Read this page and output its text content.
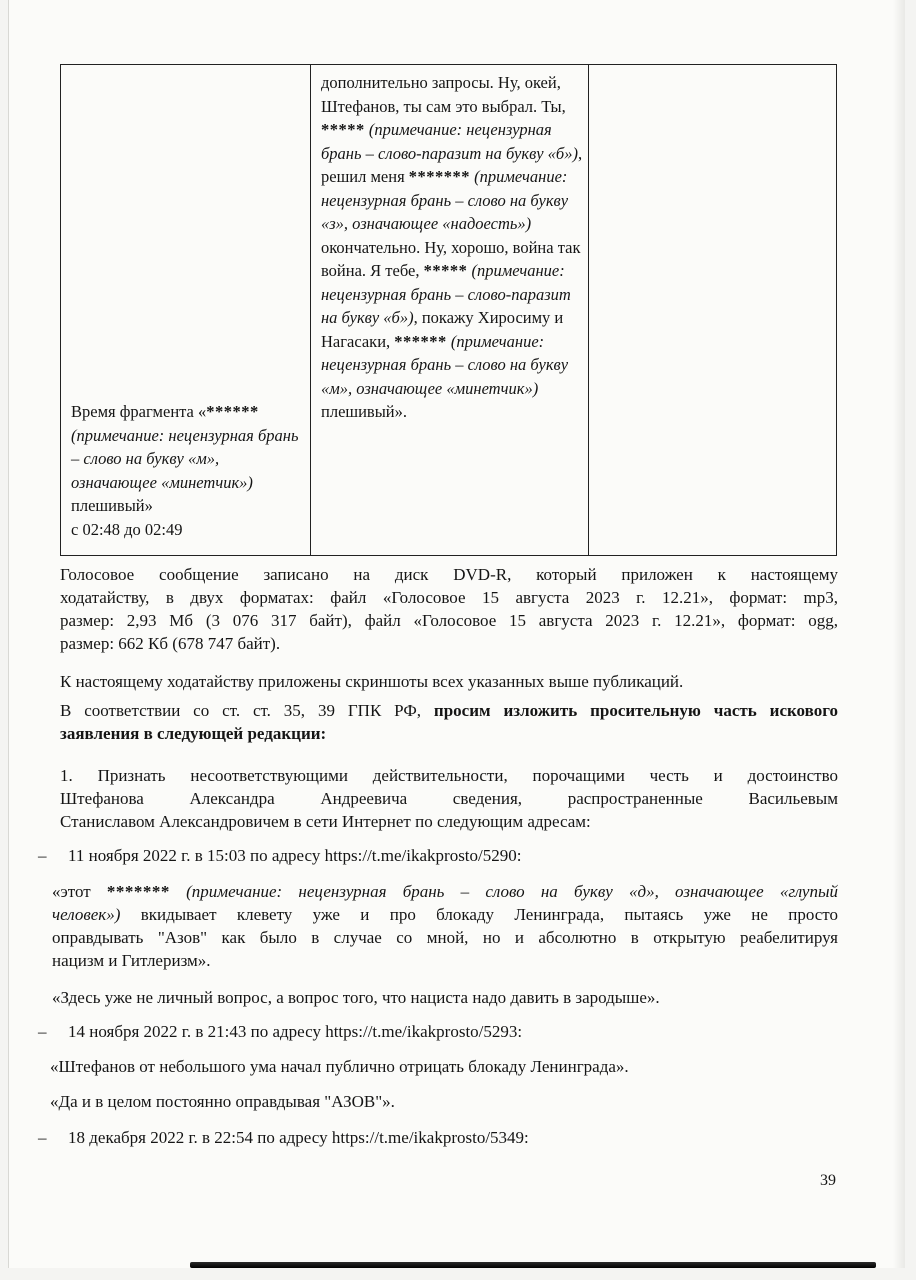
Время фрагмента «****** (примечание: нецензурная брань – слово на букву «м», означающее «минетчик») плешивый»
с 02:48 до 02:49
дополнительно запросы. Ну, окей, Штефанов, ты сам это выбрал. Ты, ***** (примечание: нецензурная брань – слово-паразит на букву «б»), решил меня ******* (примечание: нецензурная брань – слово на букву «з», означающее «надоесть») окончательно. Ну, хорошо, война так война. Я тебе, ***** (примечание: нецензурная брань – слово-паразит на букву «б»), покажу Хиросиму и Нагасаки, ****** (примечание: нецензурная брань – слово на букву «м», означающее «минетчик») плешивый».
Голосовое сообщение записано на диск DVD-R, который приложен к настоящему
ходатайству, в двух форматах: файл «Голосовое 15 августа 2023 г. 12.21», формат: mp3,
размер: 2,93 Мб (3 076 317 байт), файл «Голосовое 15 августа 2023 г. 12.21», формат: ogg,
размер: 662 Кб (678 747 байт).
К настоящему ходатайству приложены скриншоты всех указанных выше публикаций.
В соответствии со ст. ст. 35, 39 ГПК РФ, просим изложить просительную часть искового
заявления в следующей редакции:
1. Признать несоответствующими действительности, порочащими честь и достоинство
Штефанова Александра Андреевича сведения, распространенные Васильевым
Станиславом Александровичем в сети Интернет по следующим адресам:
– 11 ноября 2022 г. в 15:03 по адресу https://t.me/ikakprosto/5290:
«этот ******* (примечание: нецензурная брань – слово на букву «д», означающее «глупый
человек») вкидывает клевету уже и про блокаду Ленинграда, пытаясь уже не просто
оправдывать "Азов" как было в случае со мной, но и абсолютно в открытую реабелитируя
нацизм и Гитлеризм».
«Здесь уже не личный вопрос, а вопрос того, что нациста надо давить в зародыше».
– 14 ноября 2022 г. в 21:43 по адресу https://t.me/ikakprosto/5293:
«Штефанов от небольшого ума начал публично отрицать блокаду Ленинграда».
«Да и в целом постоянно оправдывая "АЗОВ"».
– 18 декабря 2022 г. в 22:54 по адресу https://t.me/ikakprosto/5349:
39
